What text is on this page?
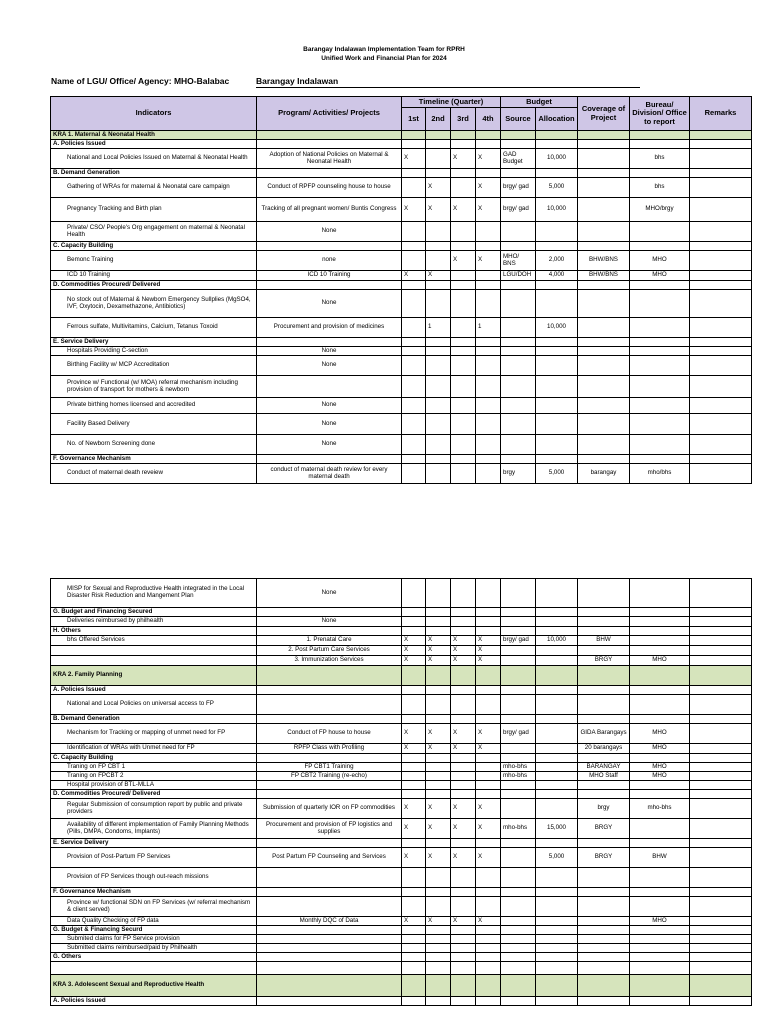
Barangay Indalawan Implementation Team for RPRH
Unified Work and Financial Plan for 2024
Name of LGU/ Office/ Agency: MHO-Balabac	Barangay Indalawan
Indicators	Program/ Activities/ Projects	Timeline (Quarter)				Budget		Coverage of Project	Bureau/ Division/ Office to report	Remarks
		1st	2nd	3rd	4th	Source	Allocation			
KRA 1. Maternal & Neonatal Health										
A. Policies Issued										
National and Local Policies Issued on Maternal & Neonatal Health	Adoption of National Policies on Maternal & Neonatal Health	X		X	X	GAD Budget	10,000		bhs	
B. Demand Generation										
Gathering of WRAs for maternal & Neonatal care campaign	Conduct of RPFP counseling house to house		X		X	brgy/ gad	5,000		bhs	
Pregnancy Tracking and Birth plan	Tracking of all pregnant women/ Buntis Congress	X	X	X	X	brgy/ gad	10,000		MHO/brgy	
Private/ CSO/ People's Org engagement on maternal & Neonatal Health	None									
C. Capacity Building										
Bemonc Training	none			X	X	MHO/ BNS	2,000	BHW/BNS	MHO	
ICD 10 Training	ICD 10 Training	X	X			LGU/DOH	4,000	BHW/BNS	MHO	
D. Commodities Procured/ Delivered										
No stock out of Maternal & Newborn Emergency Sullplies (MgSO4, IVF, Oxytocin, Dexamethazone, Antibiotics)	None									
Ferrous sulfate, Multivitamins, Calcium, Tetanus Toxoid	Procurement and provision of medicines		1		1		10,000			
E. Service Delivery										
Hospitals Providing C-section	None									
Birthing Facility w/ MCP Accreditation	None									
Province w/ Functional (w/ MOA) referral mechanism including provision of transport for mothers & newborn										
Private birthing homes licensed and accredited	None									
Facility Based Delivery	None									
No. of Newborn Screening done	None									
F. Governance Mechanism										
Conduct of maternal death reveiew	conduct of maternal death review for every maternal death					brgy	5,000	barangay	mho/bhs	
MISP for Sexual and Reproductive Health integrated in the Local Disaster Risk Reduction and Mangement Plan	None									
G. Budget and Financing Secured										
Deliveries reimbursed by philhealth	None									
H. Others										
bhs Offered Services	1. Prenatal Care	X	X	X	X	brgy/ gad	10,000	BHW		
	2. Post Partum Care Services	X	X	X	X					
	3. Immunization Services	X	X	X	X			BRGY	MHO	
KRA 2. Family Planning										
A. Policies Issued										
National and Local Policies on universal access to FP										
B. Demand Generation										
Mechanism for Tracking or mapping of unmet need for FP	Conduct of FP house to house	X	X	X	X	brgy/ gad		GIDA Barangays	MHO	
Identification of WRAs with Unmet need for FP	RPFP Class with Profiling	X	X	X	X			20 barangays	MHO	
C. Capacity Building										
Traning on FP CBT 1	FP CBT1 Training					mho-bhs		BARANGAY	MHO	
Traning on FPCBT 2	FP CBT2 Training (re-echo)					mho-bhs		MHO Staff	MHO	
Hospital provision of BTL-MLLA										
D. Commodities Procured/ Delivered										
Regular Submission of consumption report by public and private providers	Submission of quarterly IOR on FP commodities	X	X	X	X			brgy	mho-bhs	
Availability of different implementation of Family Planning Methods (Pills, DMPA, Condoms, Implants)	Procurement and provision of FP logistics and supplies	X	X	X	X	mho-bhs	15,000	BRGY		
E. Service Delivery										
Provision of Post-Partum FP Services	Post Partum FP Counseling and Services	X	X	X	X		5,000	BRGY	BHW	
Provision of FP Services though out-reach missions										
F. Governance Mechanism										
Province w/ functional SDN on FP Services (w/ referral mechanism & client served)										
Data Quality Checking of FP data	Monthly DQC of Data	X	X	X	X				MHO	
G. Budget & Financing Securd										
Submited claims for FP Service provision										
Submitted claims reimbursed/paid by Philhealth										
G. Others										

KRA 3. Adolescent Sexual and Reproductive Health										
A. Policies Issued										
